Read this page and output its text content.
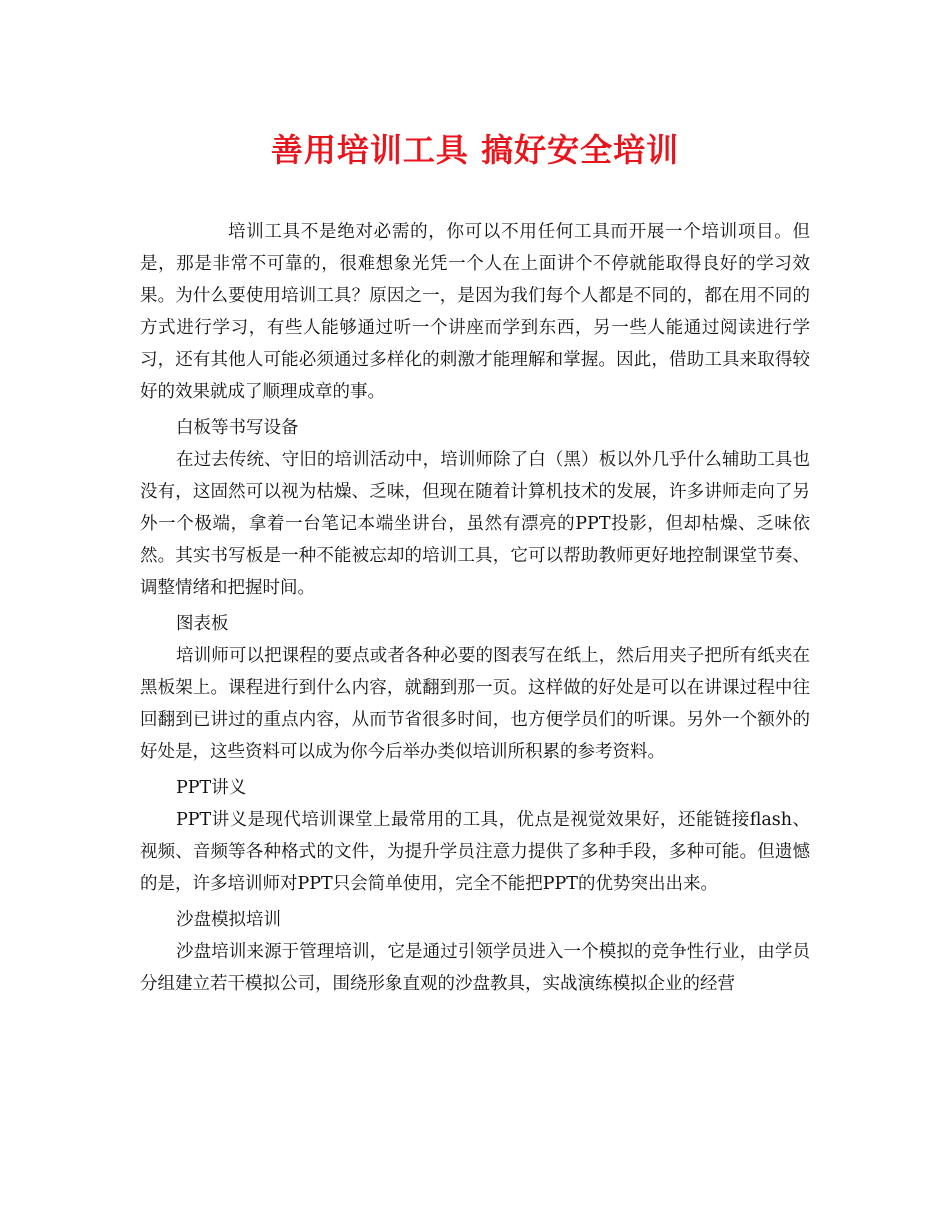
善用培训工具 搞好安全培训

培训工具不是绝对必需的，你可以不用任何工具而开展一个培训项目。但是，那是非常不可靠的，很难想象光凭一个人在上面讲个不停就能取得良好的学习效果。为什么要使用培训工具？原因之一，是因为我们每个人都是不同的，都在用不同的方式进行学习，有些人能够通过听一个讲座而学到东西，另一些人能通过阅读进行学习，还有其他人可能必须通过多样化的刺激才能理解和掌握。因此，借助工具来取得较好的效果就成了顺理成章的事。

白板等书写设备

在过去传统、守旧的培训活动中，培训师除了白（黑）板以外几乎什么辅助工具也没有，这固然可以视为枯燥、乏味，但现在随着计算机技术的发展，许多讲师走向了另外一个极端，拿着一台笔记本端坐讲台，虽然有漂亮的PPT投影，但却枯燥、乏味依然。其实书写板是一种不能被忘却的培训工具，它可以帮助教师更好地控制课堂节奏、调整情绪和把握时间。

图表板

培训师可以把课程的要点或者各种必要的图表写在纸上，然后用夹子把所有纸夹在黑板架上。课程进行到什么内容，就翻到那一页。这样做的好处是可以在讲课过程中往回翻到已讲过的重点内容，从而节省很多时间，也方便学员们的听课。另外一个额外的好处是，这些资料可以成为你今后举办类似培训所积累的参考资料。

PPT讲义

PPT讲义是现代培训课堂上最常用的工具，优点是视觉效果好，还能链接flash、视频、音频等各种格式的文件，为提升学员注意力提供了多种手段，多种可能。但遗憾的是，许多培训师对PPT只会简单使用，完全不能把PPT的优势突出出来。

沙盘模拟培训

沙盘培训来源于管理培训，它是通过引领学员进入一个模拟的竞争性行业，由学员分组建立若干模拟公司，围绕形象直观的沙盘教具，实战演练模拟企业的经营
